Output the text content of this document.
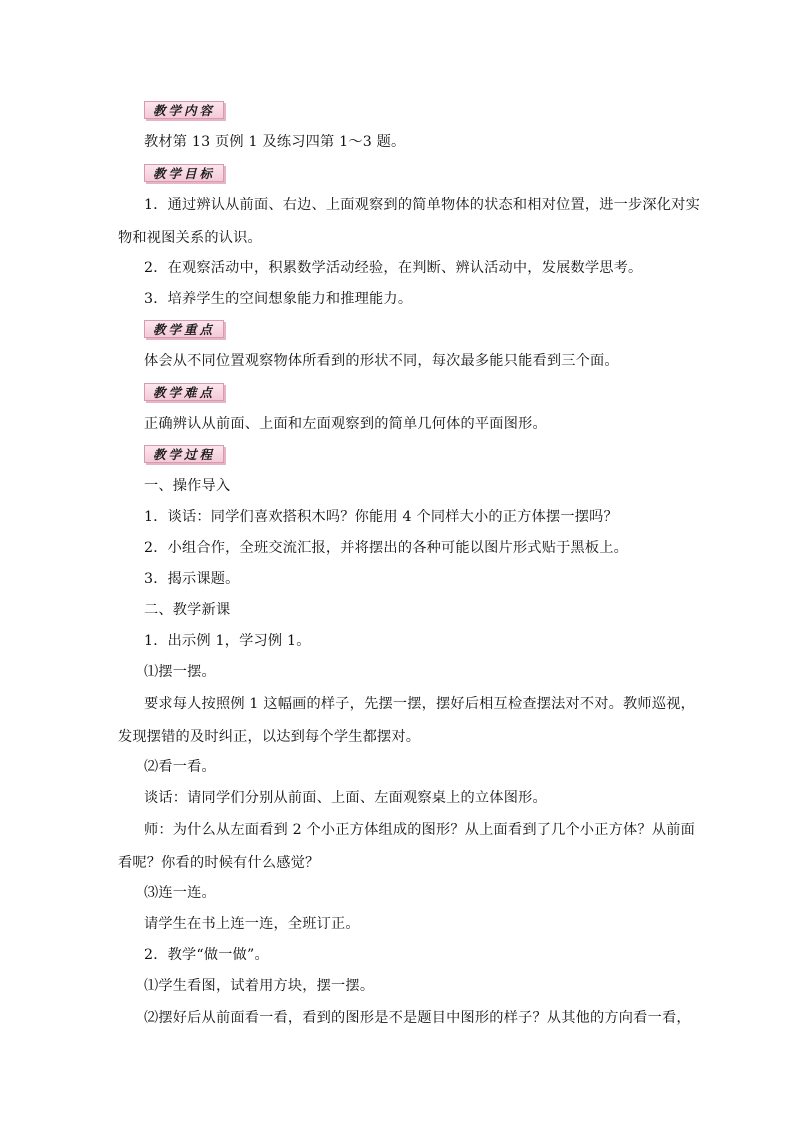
教学内容
教材第 13 页例 1 及练习四第 1～3 题。
教学目标
1．通过辨认从前面、右边、上面观察到的简单物体的状态和相对位置，进一步深化对实
物和视图关系的认识。
2．在观察活动中，积累数学活动经验，在判断、辨认活动中，发展数学思考。
3．培养学生的空间想象能力和推理能力。
教学重点
体会从不同位置观察物体所看到的形状不同，每次最多能只能看到三个面。
教学难点
正确辨认从前面、上面和左面观察到的简单几何体的平面图形。
教学过程
一、操作导入
1．谈话：同学们喜欢搭积木吗？你能用 4 个同样大小的正方体摆一摆吗？
2．小组合作，全班交流汇报，并将摆出的各种可能以图片形式贴于黑板上。
3．揭示课题。
二、教学新课
1．出示例 1，学习例 1。
⑴摆一摆。
要求每人按照例 1 这幅画的样子，先摆一摆，摆好后相互检查摆法对不对。教师巡视，
发现摆错的及时纠正，以达到每个学生都摆对。
⑵看一看。
谈话：请同学们分别从前面、上面、左面观察桌上的立体图形。
师：为什么从左面看到 2 个小正方体组成的图形？从上面看到了几个小正方体？从前面
看呢？你看的时候有什么感觉？
⑶连一连。
请学生在书上连一连，全班订正。
2．教学“做一做”。
⑴学生看图，试着用方块，摆一摆。
⑵摆好后从前面看一看，看到的图形是不是题目中图形的样子？从其他的方向看一看，
